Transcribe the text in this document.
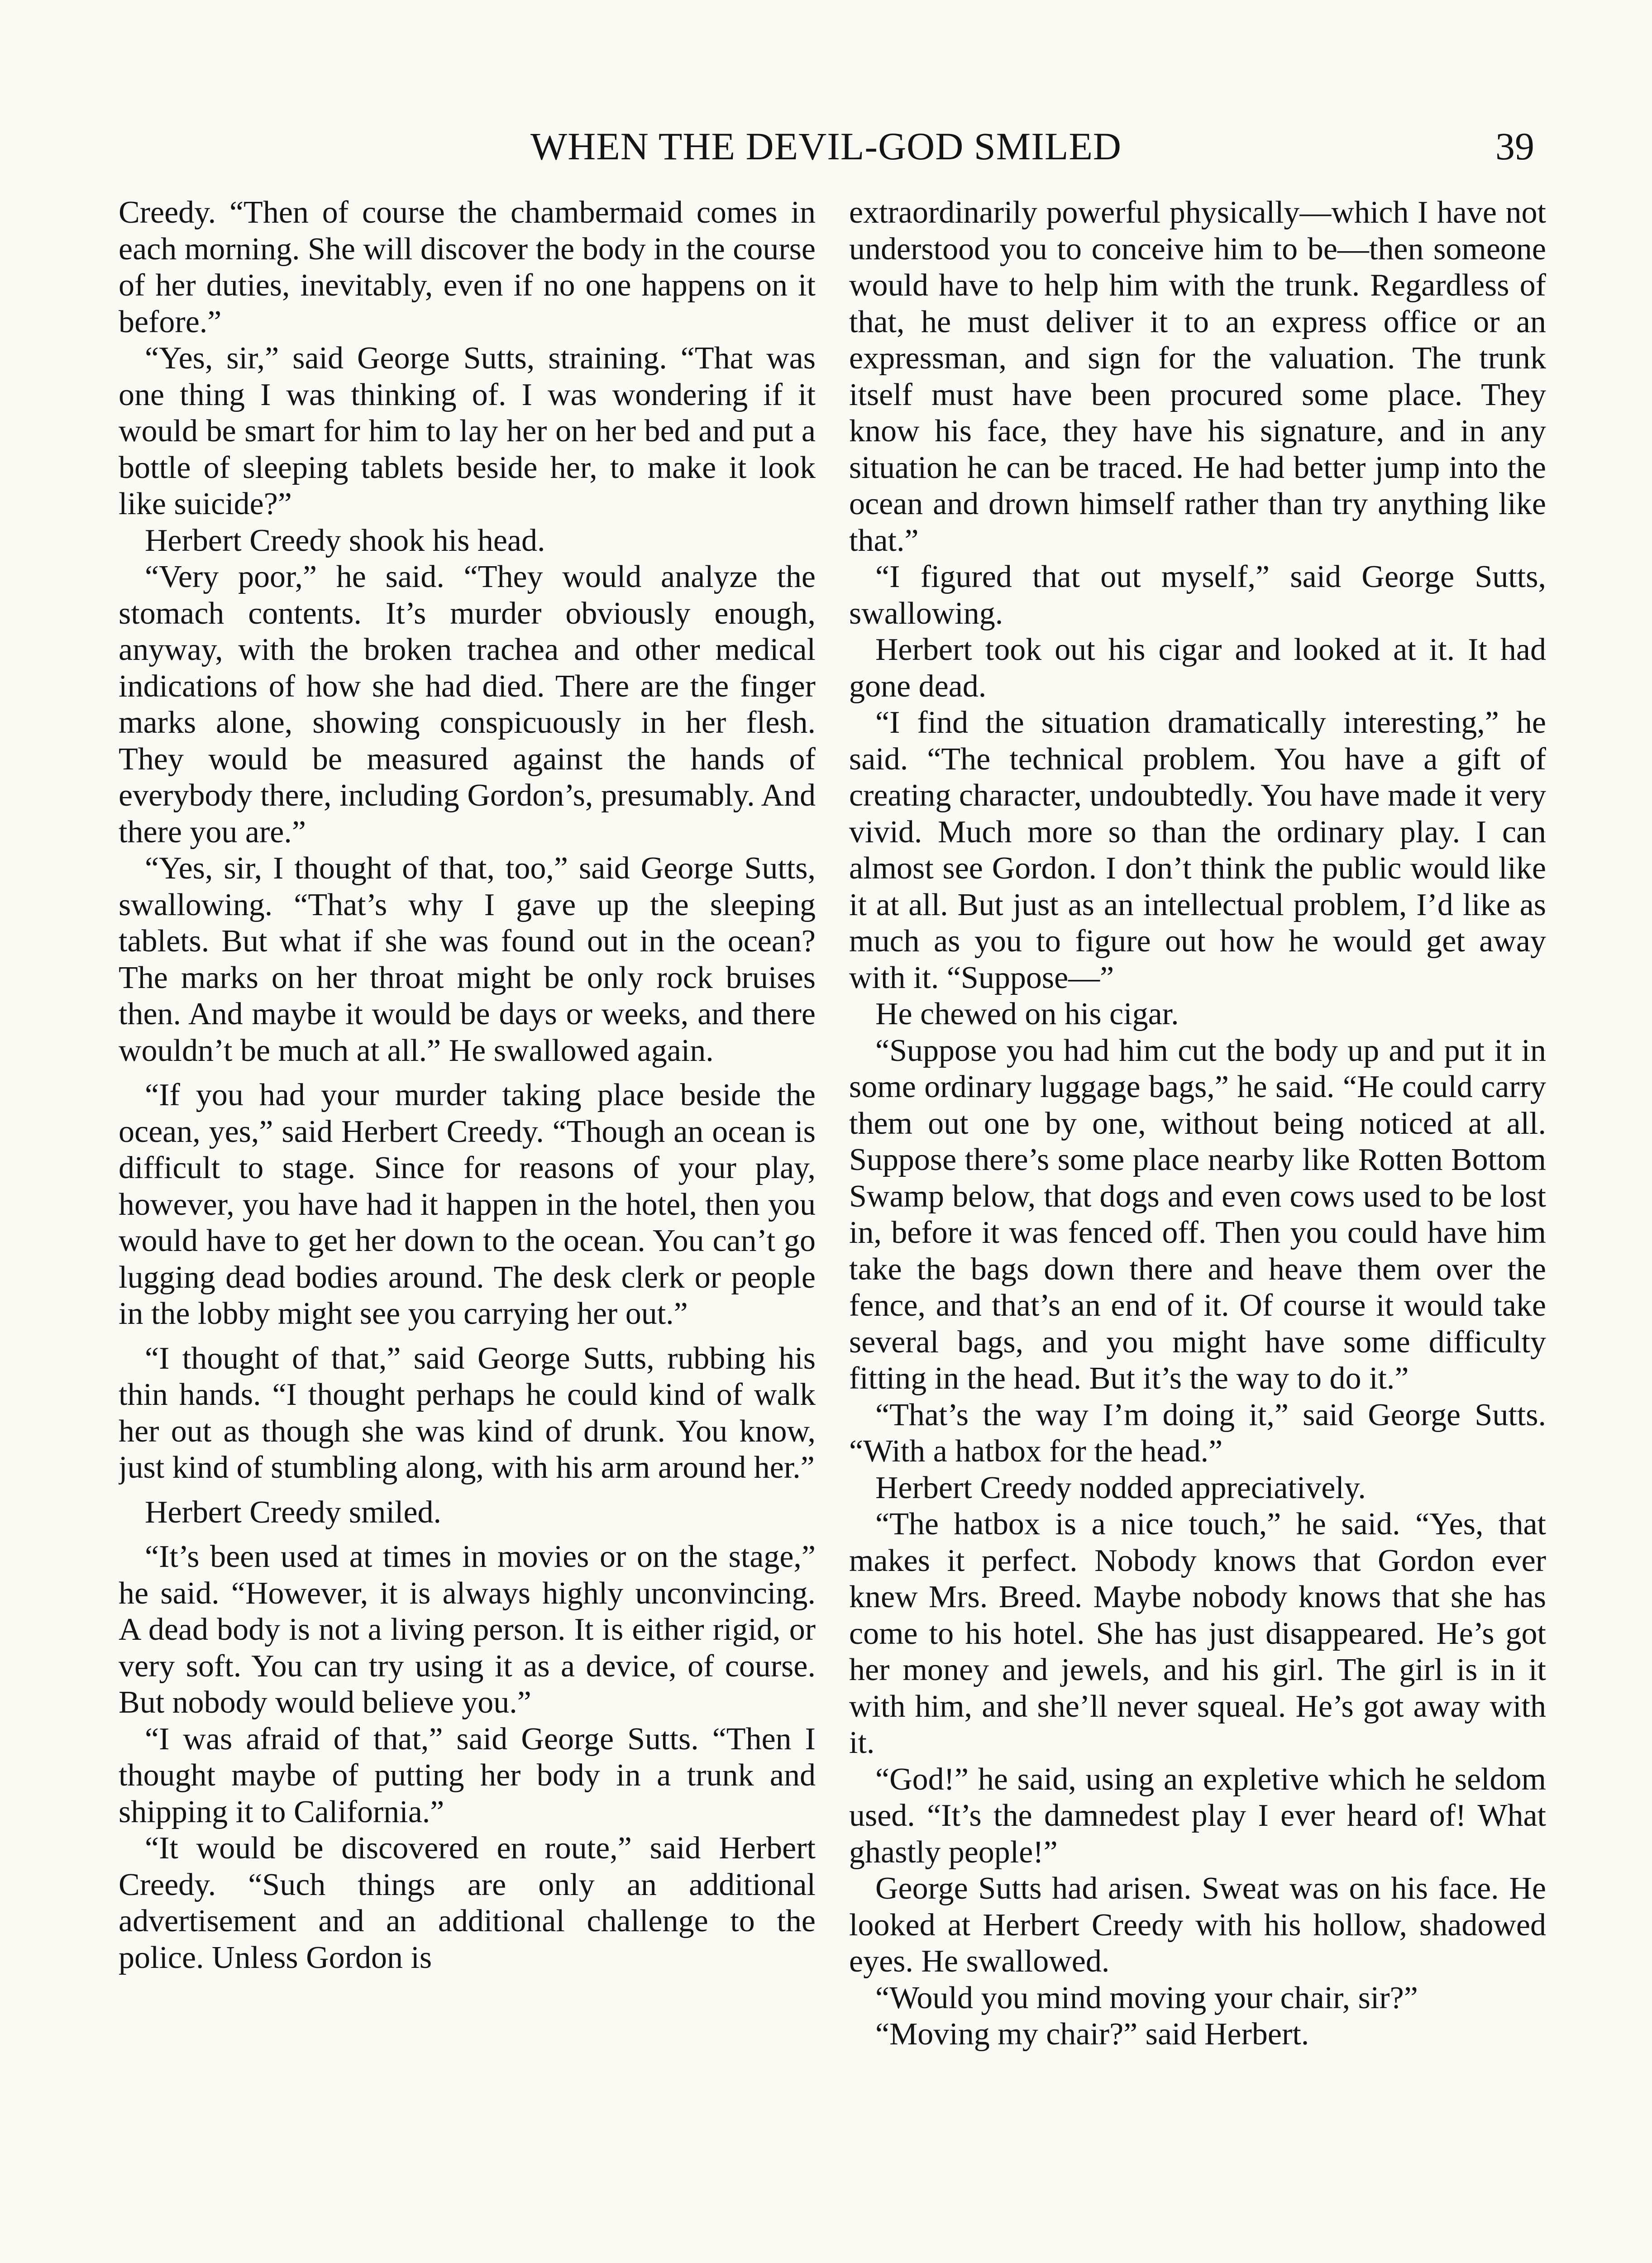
WHEN THE DEVIL-GOD SMILED	39

Creedy. “Then of course the chambermaid comes in each morning. She will discover the body in the course of her duties, inevitably, even if no one happens on it before.”

“Yes, sir,” said George Sutts, straining. “That was one thing I was thinking of. I was wondering if it would be smart for him to lay her on her bed and put a bottle of sleeping tablets beside her, to make it look like suicide?”

Herbert Creedy shook his head.

“Very poor,” he said. “They would analyze the stomach contents. It’s murder obviously enough, anyway, with the broken trachea and other medical indications of how she had died. There are the finger marks alone, showing conspicuously in her flesh. They would be measured against the hands of everybody there, including Gordon’s, presumably. And there you are.”

“Yes, sir, I thought of that, too,” said George Sutts, swallowing. “That’s why I gave up the sleeping tablets. But what if she was found out in the ocean? The marks on her throat might be only rock bruises then. And maybe it would be days or weeks, and there wouldn’t be much at all.” He swallowed again.

“If you had your murder taking place beside the ocean, yes,” said Herbert Creedy. “Though an ocean is difficult to stage. Since for reasons of your play, however, you have had it happen in the hotel, then you would have to get her down to the ocean. You can’t go lugging dead bodies around. The desk clerk or people in the lobby might see you carrying her out.”

“I thought of that,” said George Sutts, rubbing his thin hands. “I thought perhaps he could kind of walk her out as though she was kind of drunk. You know, just kind of stumbling along, with his arm around her.”

Herbert Creedy smiled.

“It’s been used at times in movies or on the stage,” he said. “However, it is always highly unconvincing. A dead body is not a living person. It is either rigid, or very soft. You can try using it as a device, of course. But nobody would believe you.”

“I was afraid of that,” said George Sutts. “Then I thought maybe of putting her body in a trunk and shipping it to California.”

“It would be discovered en route,” said Herbert Creedy. “Such things are only an additional advertisement and an additional challenge to the police. Unless Gordon is

extraordinarily powerful physically—which I have not understood you to conceive him to be—then someone would have to help him with the trunk. Regardless of that, he must deliver it to an express office or an expressman, and sign for the valuation. The trunk itself must have been procured some place. They know his face, they have his signature, and in any situation he can be traced. He had better jump into the ocean and drown himself rather than try anything like that.”

“I figured that out myself,” said George Sutts, swallowing.

Herbert took out his cigar and looked at it. It had gone dead.

“I find the situation dramatically interesting,” he said. “The technical problem. You have a gift of creating character, undoubtedly. You have made it very vivid. Much more so than the ordinary play. I can almost see Gordon. I don’t think the public would like it at all. But just as an intellectual problem, I’d like as much as you to figure out how he would get away with it. “Suppose—”

He chewed on his cigar.

“Suppose you had him cut the body up and put it in some ordinary luggage bags,” he said. “He could carry them out one by one, without being noticed at all. Suppose there’s some place nearby like Rotten Bottom Swamp below, that dogs and even cows used to be lost in, before it was fenced off. Then you could have him take the bags down there and heave them over the fence, and that’s an end of it. Of course it would take several bags, and you might have some difficulty fitting in the head. But it’s the way to do it.”

“That’s the way I’m doing it,” said George Sutts. “With a hatbox for the head.”

Herbert Creedy nodded appreciatively.

“The hatbox is a nice touch,” he said. “Yes, that makes it perfect. Nobody knows that Gordon ever knew Mrs. Breed. Maybe nobody knows that she has come to his hotel. She has just disappeared. He’s got her money and jewels, and his girl. The girl is in it with him, and she’ll never squeal. He’s got away with it.

“God!” he said, using an expletive which he seldom used. “It’s the damnedest play I ever heard of! What ghastly people!”

George Sutts had arisen. Sweat was on his face. He looked at Herbert Creedy with his hollow, shadowed eyes. He swallowed.

“Would you mind moving your chair, sir?”

“Moving my chair?” said Herbert.
